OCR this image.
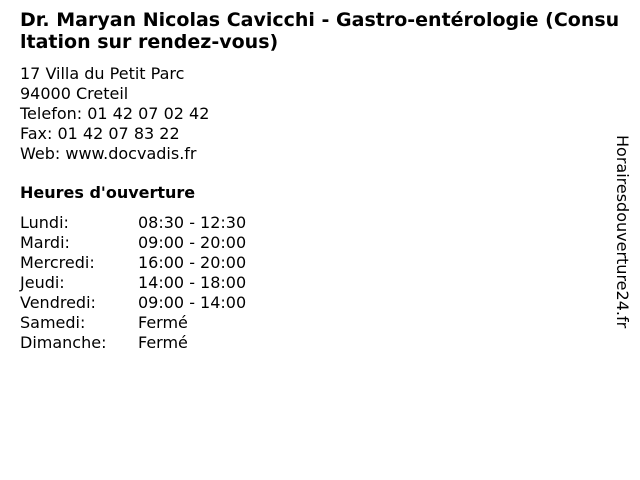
Dr. Maryan Nicolas Cavicchi - Gastro-entérologie (Consultation sur rendez-vous)
17 Villa du Petit Parc
94000 Creteil
Telefon: 01 42 07 02 42
Fax: 01 42 07 83 22
Web: www.docvadis.fr
Heures d'ouverture
Lundi:	08:30 - 12:30
Mardi:	09:00 - 20:00
Mercredi:	16:00 - 20:00
Jeudi:	14:00 - 18:00
Vendredi:	09:00 - 14:00
Samedi:	Fermé
Dimanche:	Fermé
Horairesdouverture24.fr
